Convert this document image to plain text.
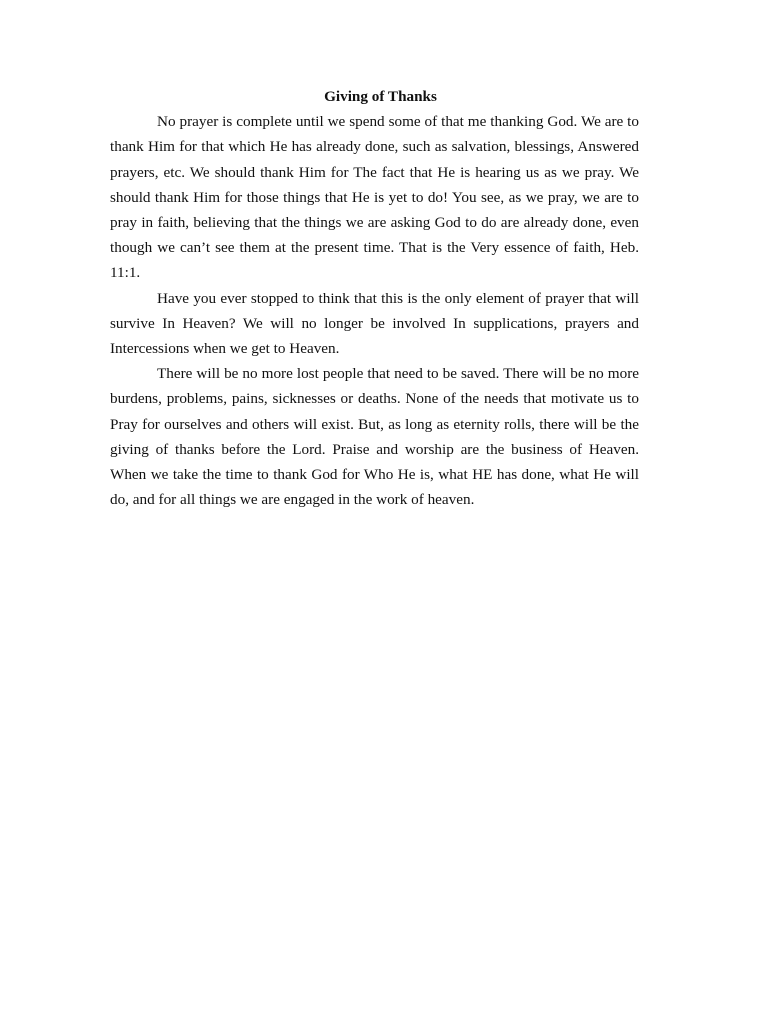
Giving of Thanks

No prayer is complete until we spend some of that me thanking God. We are to thank Him for that which He has already done, such as salvation, blessings, Answered prayers, etc. We should thank Him for The fact that He is hearing us as we pray. We should thank Him for those things that He is yet to do! You see, as we pray, we are to pray in faith, believing that the things we are asking God to do are already done, even though we can’t see them at the present time. That is the Very essence of faith, Heb. 11:1.

Have you ever stopped to think that this is the only element of prayer that will survive In Heaven? We will no longer be involved In supplications, prayers and Intercessions when we get to Heaven.

There will be no more lost people that need to be saved. There will be no more burdens, problems, pains, sicknesses or deaths. None of the needs that motivate us to Pray for ourselves and others will exist. But, as long as eternity rolls, there will be the giving of thanks before the Lord. Praise and worship are the business of Heaven. When we take the time to thank God for Who He is, what HE has done, what He will do, and for all things we are engaged in the work of heaven.
